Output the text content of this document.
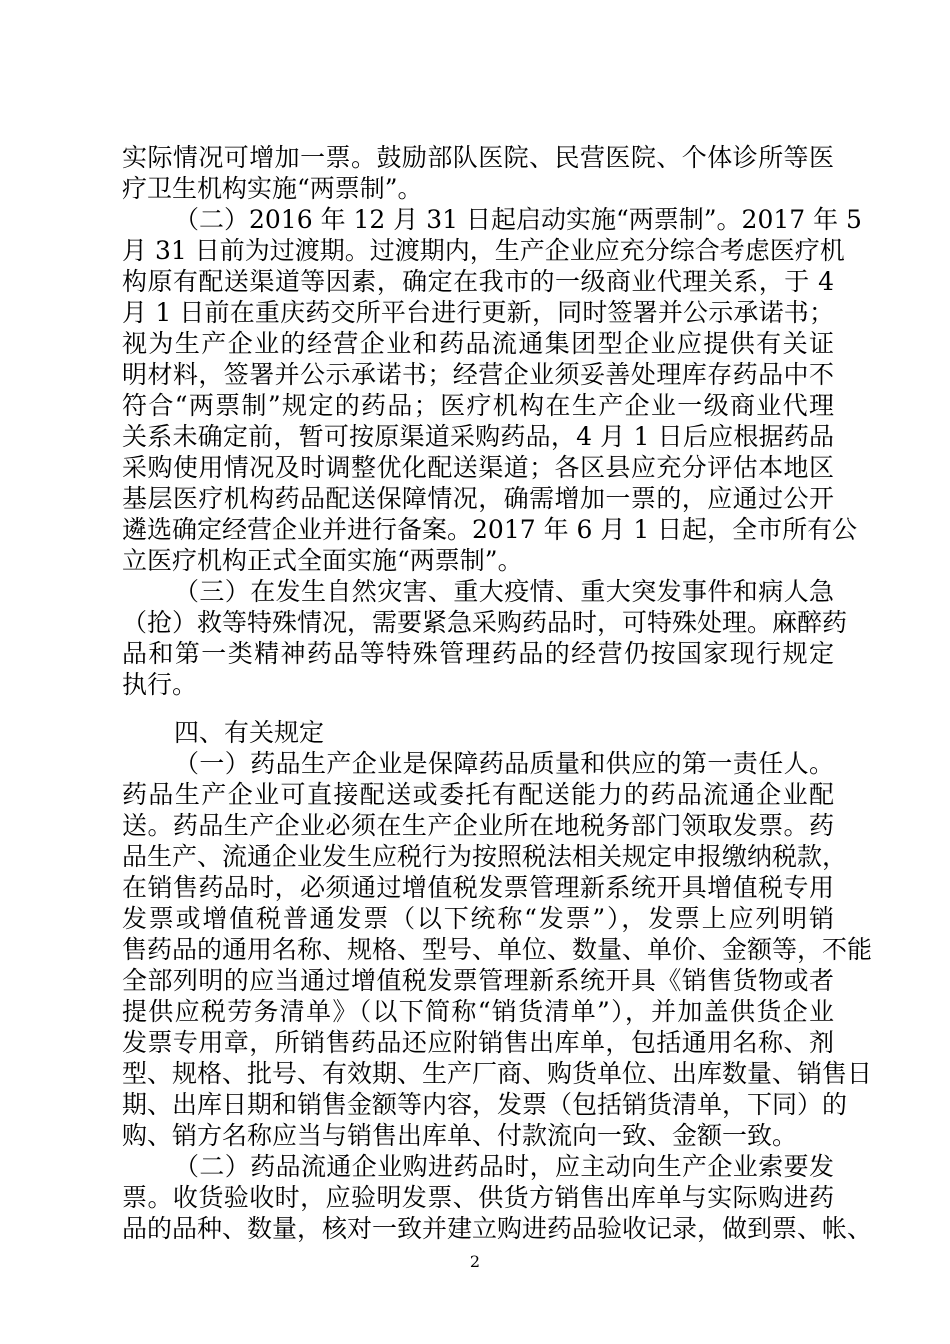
实际情况可增加一票。鼓励部队医院、民营医院、个体诊所等医
疗卫生机构实施“两票制”。
（二）2016 年 12 月 31 日起启动实施“两票制”。2017 年 5
月 31 日前为过渡期。过渡期内，生产企业应充分综合考虑医疗机
构原有配送渠道等因素，确定在我市的一级商业代理关系，于 4
月 1 日前在重庆药交所平台进行更新，同时签署并公示承诺书；
视为生产企业的经营企业和药品流通集团型企业应提供有关证
明材料，签署并公示承诺书；经营企业须妥善处理库存药品中不
符合“两票制”规定的药品；医疗机构在生产企业一级商业代理
关系未确定前，暂可按原渠道采购药品，4 月 1 日后应根据药品
采购使用情况及时调整优化配送渠道；各区县应充分评估本地区
基层医疗机构药品配送保障情况，确需增加一票的，应通过公开
遴选确定经营企业并进行备案。2017 年 6 月 1 日起，全市所有公
立医疗机构正式全面实施“两票制”。
（三）在发生自然灾害、重大疫情、重大突发事件和病人急
（抢）救等特殊情况，需要紧急采购药品时，可特殊处理。麻醉药
品和第一类精神药品等特殊管理药品的经营仍按国家现行规定
执行。
四、有关规定
（一）药品生产企业是保障药品质量和供应的第一责任人。
药品生产企业可直接配送或委托有配送能力的药品流通企业配
送。药品生产企业必须在生产企业所在地税务部门领取发票。药
品生产、流通企业发生应税行为按照税法相关规定申报缴纳税款，
在销售药品时，必须通过增值税发票管理新系统开具增值税专用
发票或增值税普通发票（以下统称“发票”），发票上应列明销
售药品的通用名称、规格、型号、单位、数量、单价、金额等，不能
全部列明的应当通过增值税发票管理新系统开具《销售货物或者
提供应税劳务清单》（以下简称“销货清单”），并加盖供货企业
发票专用章，所销售药品还应附销售出库单，包括通用名称、剂
型、规格、批号、有效期、生产厂商、购货单位、出库数量、销售日
期、出库日期和销售金额等内容，发票（包括销货清单，下同）的
购、销方名称应当与销售出库单、付款流向一致、金额一致。
（二）药品流通企业购进药品时，应主动向生产企业索要发
票。收货验收时，应验明发票、供货方销售出库单与实际购进药
品的品种、数量，核对一致并建立购进药品验收记录，做到票、帐、
2
